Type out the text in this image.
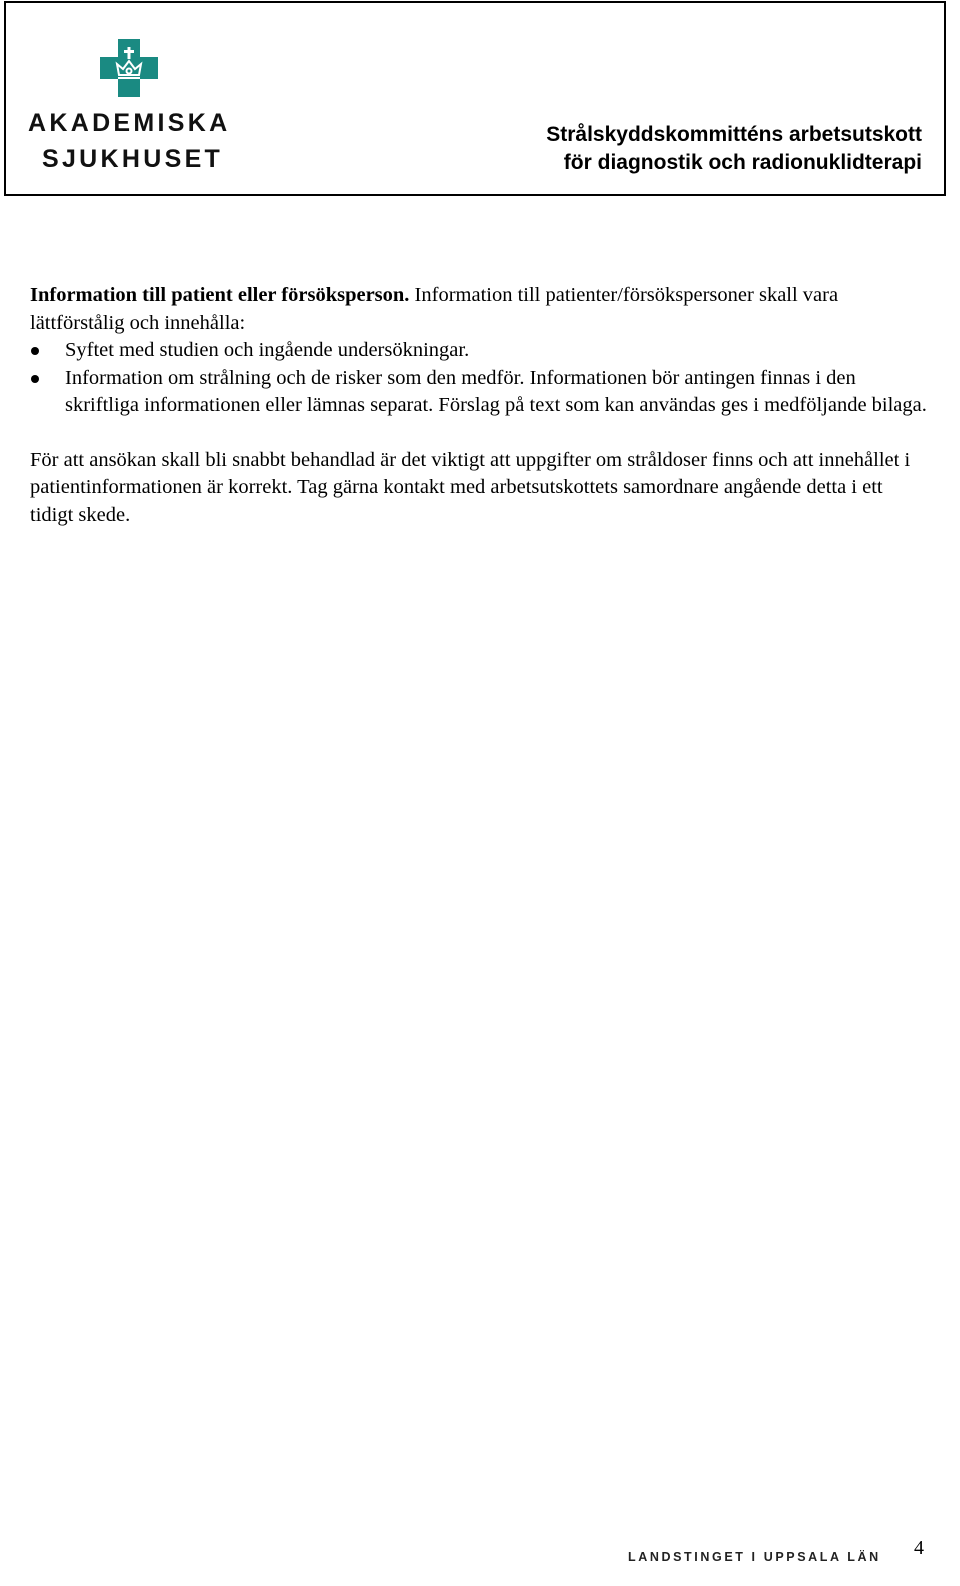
AKADEMISKA
SJUKHUSET
Strålskyddskommitténs arbetsutskott
för diagnostik och radionuklidterapi

Information till patient eller försöksperson. Information till patienter/försökspersoner skall vara lättförstålig och innehålla:

Syftet med studien och ingående undersökningar.
Information om strålning och de risker som den medför. Informationen bör antingen finnas i den skriftliga informationen eller lämnas separat. Förslag på text som kan användas ges i medföljande bilaga.

För att ansökan skall bli snabbt behandlad är det viktigt att uppgifter om stråldoser finns och att innehållet i patientinformationen är korrekt. Tag gärna kontakt med arbetsutskottets samordnare angående detta i ett tidigt skede.

LANDSTINGET I UPPSALA LÄN 4
